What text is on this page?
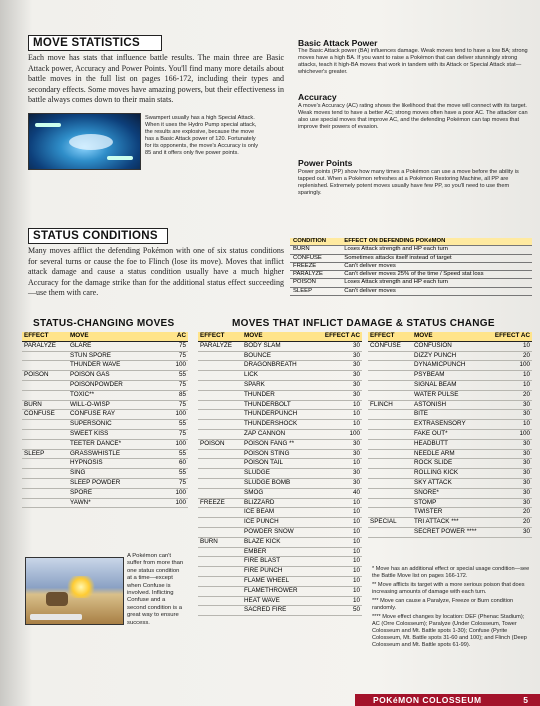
MOVE STATISTICS
Each move has stats that influence battle results. The main three are Basic Attack power, Accuracy and Power Points. You'll find many more details about battle moves in the full list on pages 166-172, including their types and secondary effects. Some moves have amazing powers, but their effectiveness in battle always comes down to their main stats.
Swampert usually has a high Special Attack. When it uses the Hydro Pump special attack, the results are explosive, because the move has a Basic Attack power of 120. Fortunately for its opponents, the move's Accuracy is only 85 and it offers only five power points.
Basic Attack Power
The Basic Attack power (BA) influences damage. Weak moves tend to have a low BA; strong moves have a high BA. If you want to raise a Pokémon that can deliver stunningly strong attacks, teach it high-BA moves that work in tandem with its Attack or Special Attack stat—whichever's greater.
Accuracy
A move's Accuracy (AC) rating shows the likelihood that the move will connect with its target. Weak moves tend to have a better AC; strong moves often have a poor AC. The attacker can also use special moves that improve AC, and the defending Pokémon can tap moves that improve their powers of evasion.
Power Points
Power points (PP) show how many times a Pokémon can use a move before the ability is tapped out. When a Pokémon refreshes at a Pokémon Restoring Machine, all PP are replenished. Extremely potent moves usually have few PP, so you'll need to use them sparingly.
STATUS CONDITIONS
Many moves afflict the defending Pokémon with one of six status conditions for several turns or cause the foe to Flinch (lose its move). Moves that inflict attack damage and cause a status condition usually have a much higher Accuracy for the damage strike than for the additional status effect succeeding—use them with care.
CONDITION	EFFECT ON DEFENDING POKéMON
BURN	Loses Attack strength and HP each turn
CONFUSE	Sometimes attacks itself instead of target
FREEZE	Can't deliver moves
PARALYZE	Can't deliver moves 25% of the time / Speed stat loss
POISON	Loses Attack strength and HP each turn
SLEEP	Can't deliver moves
STATUS-CHANGING MOVES
EFFECT	MOVE	AC
PARALYZE	GLARE	75
	STUN SPORE	75
	THUNDER WAVE	100
POISON	POISON GAS	55
	POISONPOWDER	75
	TOXIC**	85
BURN	WILL-O-WISP	75
CONFUSE	CONFUSE RAY	100
	SUPERSONIC	55
	SWEET KISS	75
	TEETER DANCE*	100
SLEEP	GRASSWHISTLE	55
	HYPNOSIS	60
	SING	55
	SLEEP POWDER	75
	SPORE	100
	YAWN*	100
A Pokémon can't suffer from more than one status condition at a time—except when Confuse is involved. Inflicting Confuse and a second condition is a great way to ensure success.
MOVES THAT INFLICT DAMAGE & STATUS CHANGE
EFFECT	MOVE	EFFECT AC
PARALYZE	BODY SLAM	30
	BOUNCE	30
	DRAGONBREATH	30
	LICK	30
	SPARK	30
	THUNDER	30
	THUNDERBOLT	10
	THUNDERPUNCH	10
	THUNDERSHOCK	10
	ZAP CANNON	100
POISON	POISON FANG **	30
	POISON STING	30
	POISON TAIL	10
	SLUDGE	30
	SLUDGE BOMB	30
	SMOG	40
FREEZE	BLIZZARD	10
	ICE BEAM	10
	ICE PUNCH	10
	POWDER SNOW	10
BURN	BLAZE KICK	10
	EMBER	10
	FIRE BLAST	10
	FIRE PUNCH	10
	FLAME WHEEL	10
	FLAMETHROWER	10
	HEAT WAVE	10
	SACRED FIRE	50
EFFECT	MOVE	EFFECT AC
CONFUSE	CONFUSION	10
	DIZZY PUNCH	20
	DYNAMICPUNCH	100
	PSYBEAM	10
	SIGNAL BEAM	10
	WATER PULSE	20
FLINCH	ASTONISH	30
	BITE	30
	EXTRASENSORY	10
	FAKE OUT*	100
	HEADBUTT	30
	NEEDLE ARM	30
	ROCK SLIDE	30
	ROLLING KICK	30
	SKY ATTACK	30
	SNORE*	30
	STOMP	30
	TWISTER	20
SPECIAL	TRI ATTACK ***	20
	SECRET POWER ****	30
* Move has an additional effect or special usage condition—see the Battle Move list on pages 166-172.
** Move afflicts its target with a more serious poison that does increasing amounts of damage with each turn.
*** Move can cause a Paralyze, Freeze or Burn condition randomly.
**** Move effect changes by location: DEF (Phenac Stadium); AC (Orre Colosseum); Paralyze (Under Colosseum, Tower Colosseum and Mt. Battle spots 1-30); Confuse (Pyrite Colosseum, Mt. Battle spots 31-60 and 100); and Flinch (Deep Colosseum and Mt. Battle spots 61-99).
POKéMON COLOSSEUM	5
